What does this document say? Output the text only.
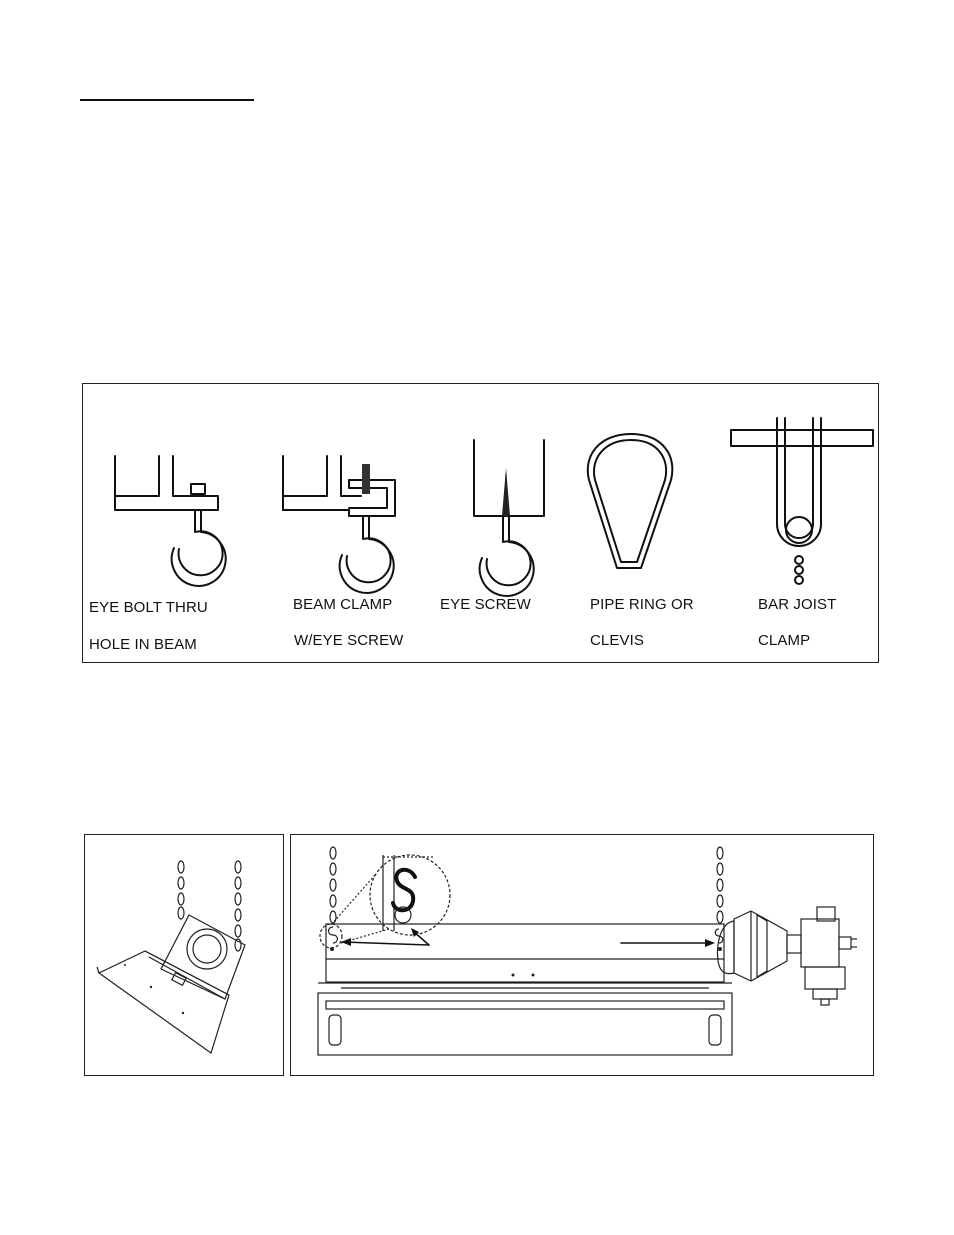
EYE BOLT THRU
HOLE IN BEAM
BEAM CLAMP
W/EYE SCREW
EYE SCREW	PIPE RING OR
CLEVIS
BAR JOIST
CLAMP
